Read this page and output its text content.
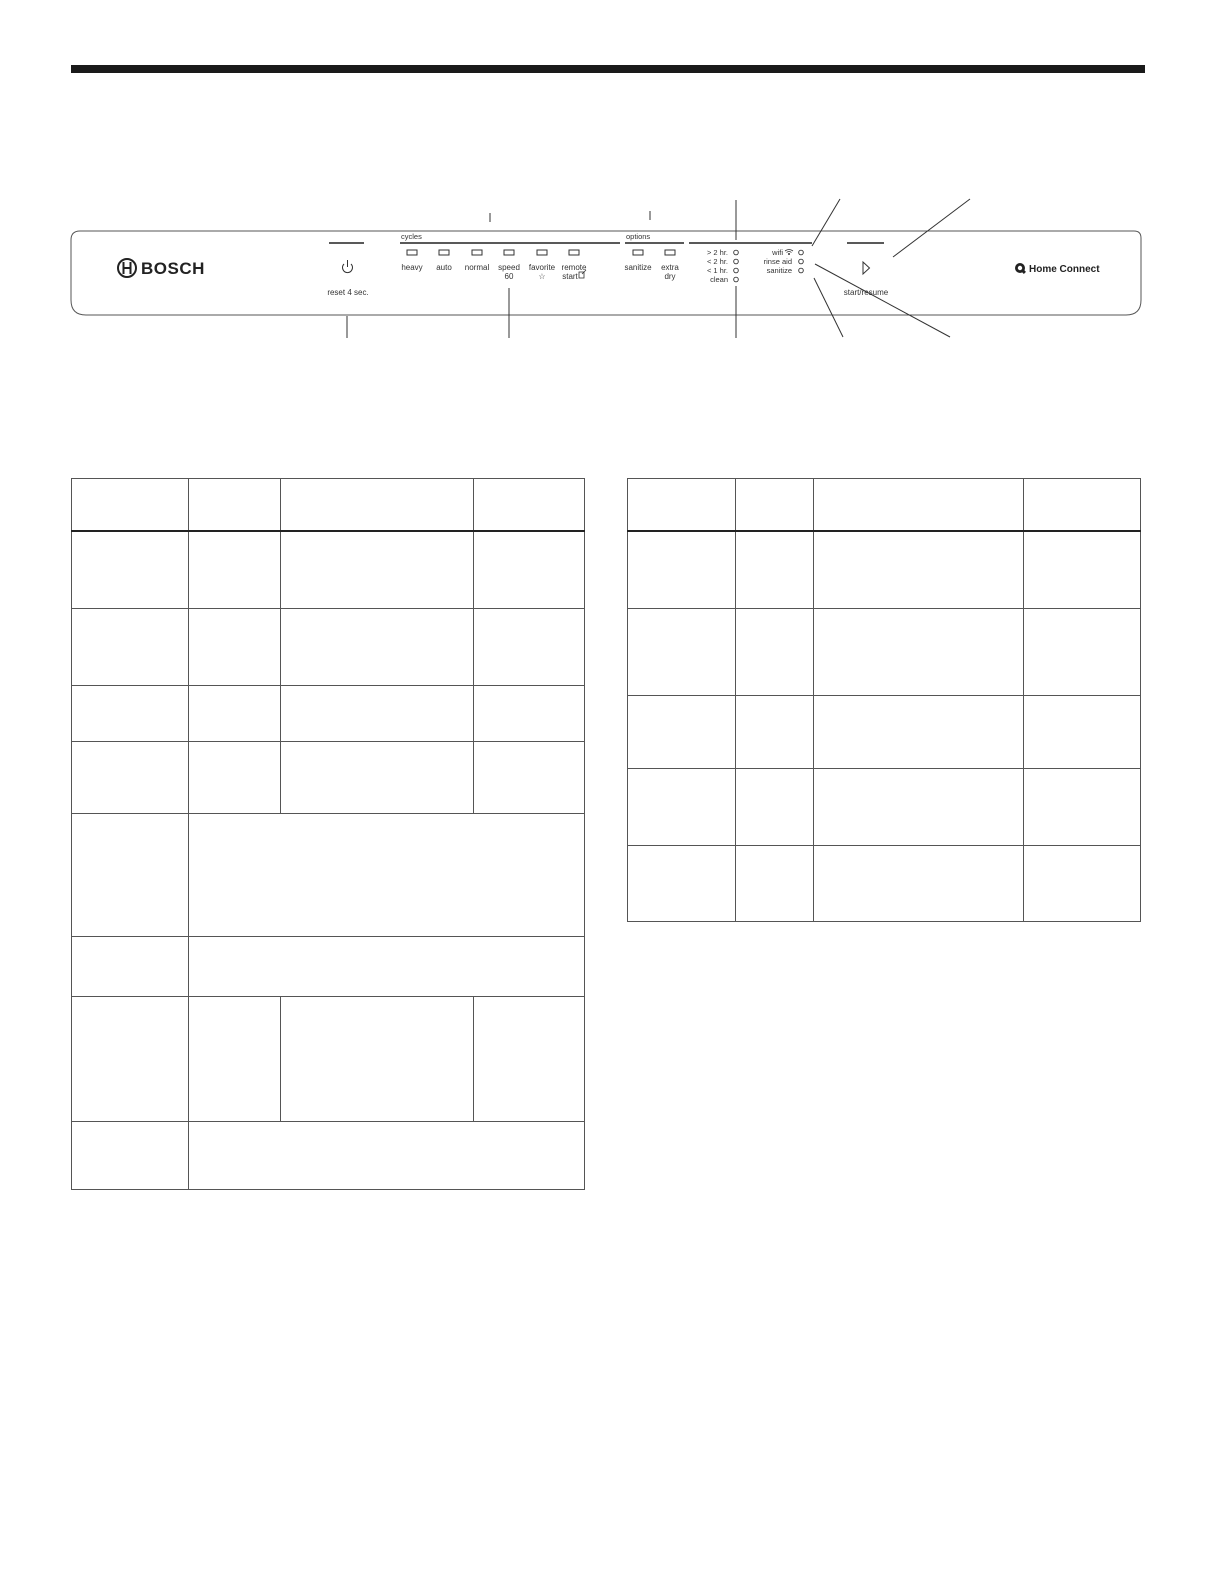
BOSCH
reset 4 sec.
cycles
heavy auto normal speed
60
favorite
☆
remote
start
options
sanitize extra
dry
> 2 hr.
< 2 hr.
< 1 hr.
clean
wifi
rinse aid
sanitize
start/resume
Home Connect
